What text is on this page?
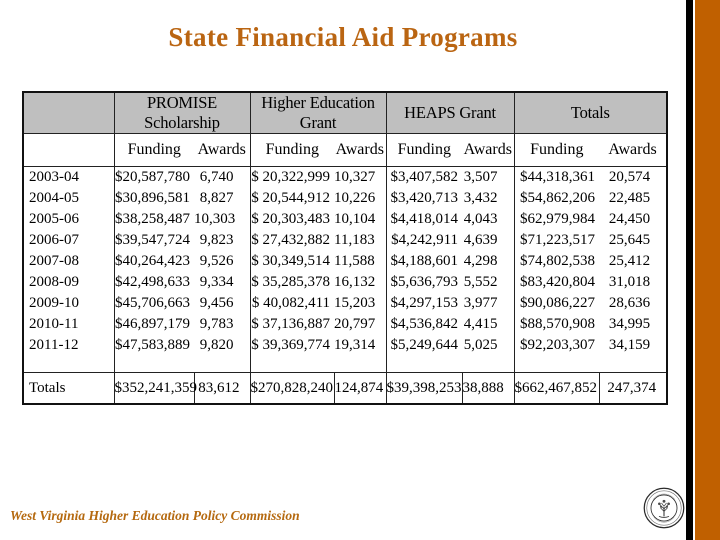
State Financial Aid Programs
	PROMISE Scholarship		Higher Education Grant		HEAPS Grant		Totals	
	Funding	Awards	Funding	Awards	Funding	Awards	Funding	Awards
2003-04	$20,587,780	6,740	$ 20,322,999	10,327	$3,407,582	3,507	$44,318,361	20,574
2004-05	$30,896,581	8,827	$ 20,544,912	10,226	$3,420,713	3,432	$54,862,206	22,485
2005-06	$38,258,487	10,303	$ 20,303,483	10,104	$4,418,014	4,043	$62,979,984	24,450
2006-07	$39,547,724	9,823	$ 27,432,882	11,183	$4,242,911	4,639	$71,223,517	25,645
2007-08	$40,264,423	9,526	$ 30,349,514	11,588	$4,188,601	4,298	$74,802,538	25,412
2008-09	$42,498,633	9,334	$ 35,285,378	16,132	$5,636,793	5,552	$83,420,804	31,018
2009-10	$45,706,663	9,456	$ 40,082,411	15,203	$4,297,153	3,977	$90,086,227	28,636
2010-11	$46,897,179	9,783	$ 37,136,887	20,797	$4,536,842	4,415	$88,570,908	34,995
2011-12	$47,583,889	9,820	$ 39,369,774	19,314	$5,249,644	5,025	$92,203,307	34,159

Totals	$352,241,359	83,612	$270,828,240	124,874	$39,398,253	38,888	$662,467,852	247,374
West Virginia Higher Education Policy Commission
